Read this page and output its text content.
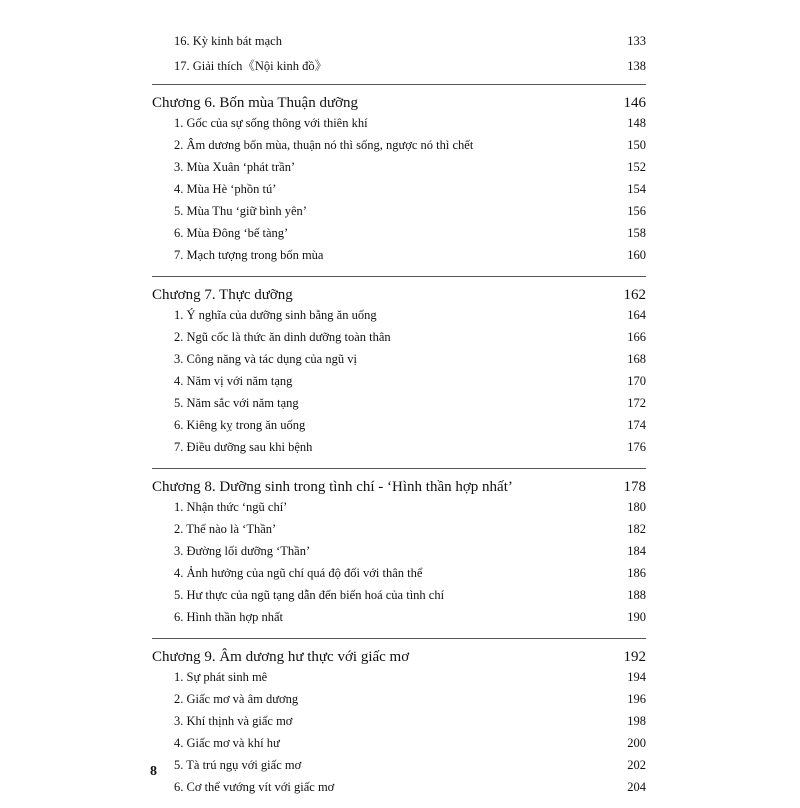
16. Kỳ kinh bát mạch	133
17. Giải thích《Nội kinh đồ》	138
Chương 6. Bốn mùa Thuận dưỡng	146
1. Gốc của sự sống thông với thiên khí	148
2. Âm dương bốn mùa, thuận nó thì sống, ngược nó thì chết	150
3. Mùa Xuân ‘phát trần’	152
4. Mùa Hè ‘phồn tú’	154
5. Mùa Thu ‘giữ bình yên’	156
6. Mùa Đông ‘bế tàng’	158
7. Mạch tượng trong bốn mùa	160
Chương 7. Thực dưỡng	162
1. Ý nghĩa của dưỡng sinh bằng ăn uống	164
2. Ngũ cốc là thức ăn dinh dưỡng toàn thân	166
3. Công năng và tác dụng của ngũ vị	168
4. Năm vị với năm tạng	170
5. Năm sắc với năm tạng	172
6. Kiêng kỵ trong ăn uống	174
7. Điều dưỡng sau khi bệnh	176
Chương 8. Dưỡng sinh trong tình chí - ‘Hình thần hợp nhất’	178
1. Nhận thức ‘ngũ chí’	180
2. Thế nào là ‘Thần’	182
3. Đường lối dưỡng ‘Thần’	184
4. Ảnh hưởng của ngũ chí quá độ đối với thân thể	186
5. Hư thực của ngũ tạng dẫn đến biến hoá của tình chí	188
6. Hình thần hợp nhất	190
Chương 9. Âm dương hư thực với giấc mơ	192
1. Sự phát sinh mê	194
2. Giấc mơ và âm dương	196
3. Khí thịnh và giấc mơ	198
4. Giấc mơ và khí hư	200
5. Tà trú ngụ với giấc mơ	202
6. Cơ thể vướng vít với giấc mơ	204
8
